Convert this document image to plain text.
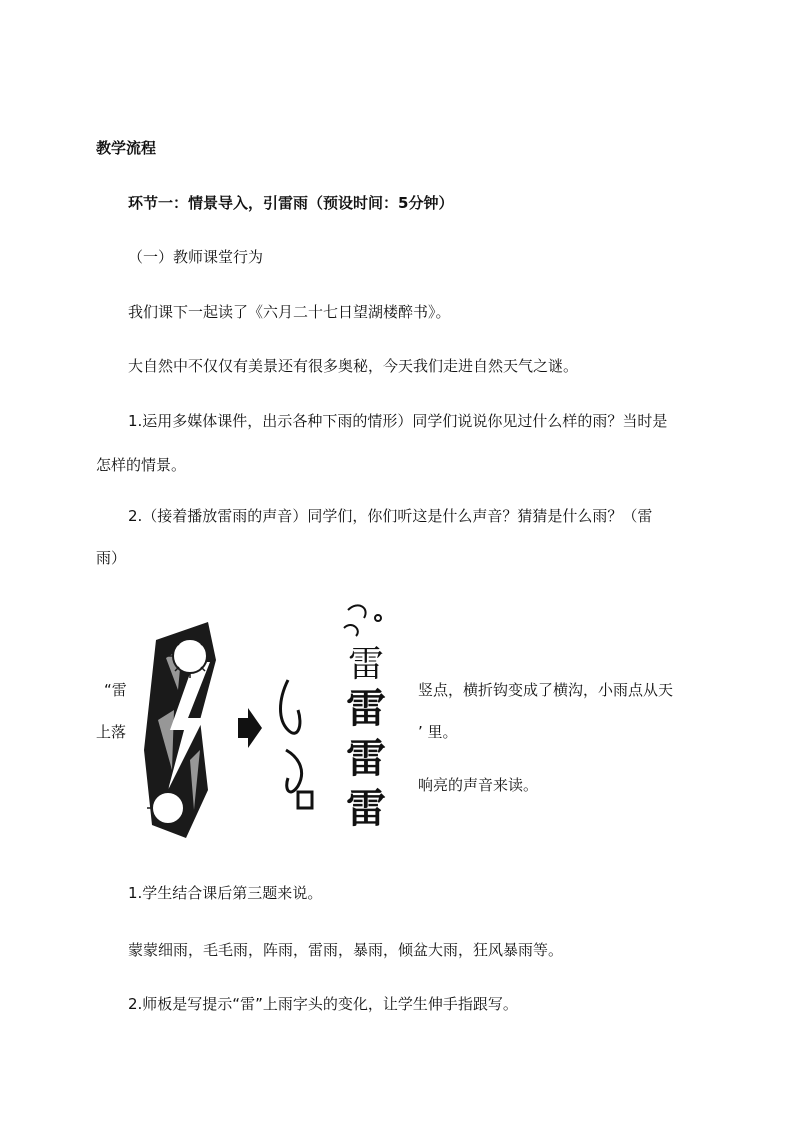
教学流程
环节一：情景导入，引雷雨（预设时间：5分钟）
（一）教师课堂行为
我们课下一起读了《六月二十七日望湖楼醉书》。
大自然中不仅仅有美景还有很多奥秘，今天我们走进自然天气之谜。
1.运用多媒体课件，出示各种下雨的情形）同学们说说你见过什么样的雨？当时是
怎样的情景。
2.（接着播放雷雨的声音）同学们，你们听这是什么声音？猜猜是什么雨？（雷
雨）
雷
雷
雷
雷
“雷
上落
竖点，横折钩变成了横沟，小雨点从天
’ 里。
响亮的声音来读。
1.学生结合课后第三题来说。
蒙蒙细雨，毛毛雨，阵雨，雷雨，暴雨，倾盆大雨，狂风暴雨等。
2.师板是写提示“雷”上雨字头的变化，让学生伸手指跟写。
